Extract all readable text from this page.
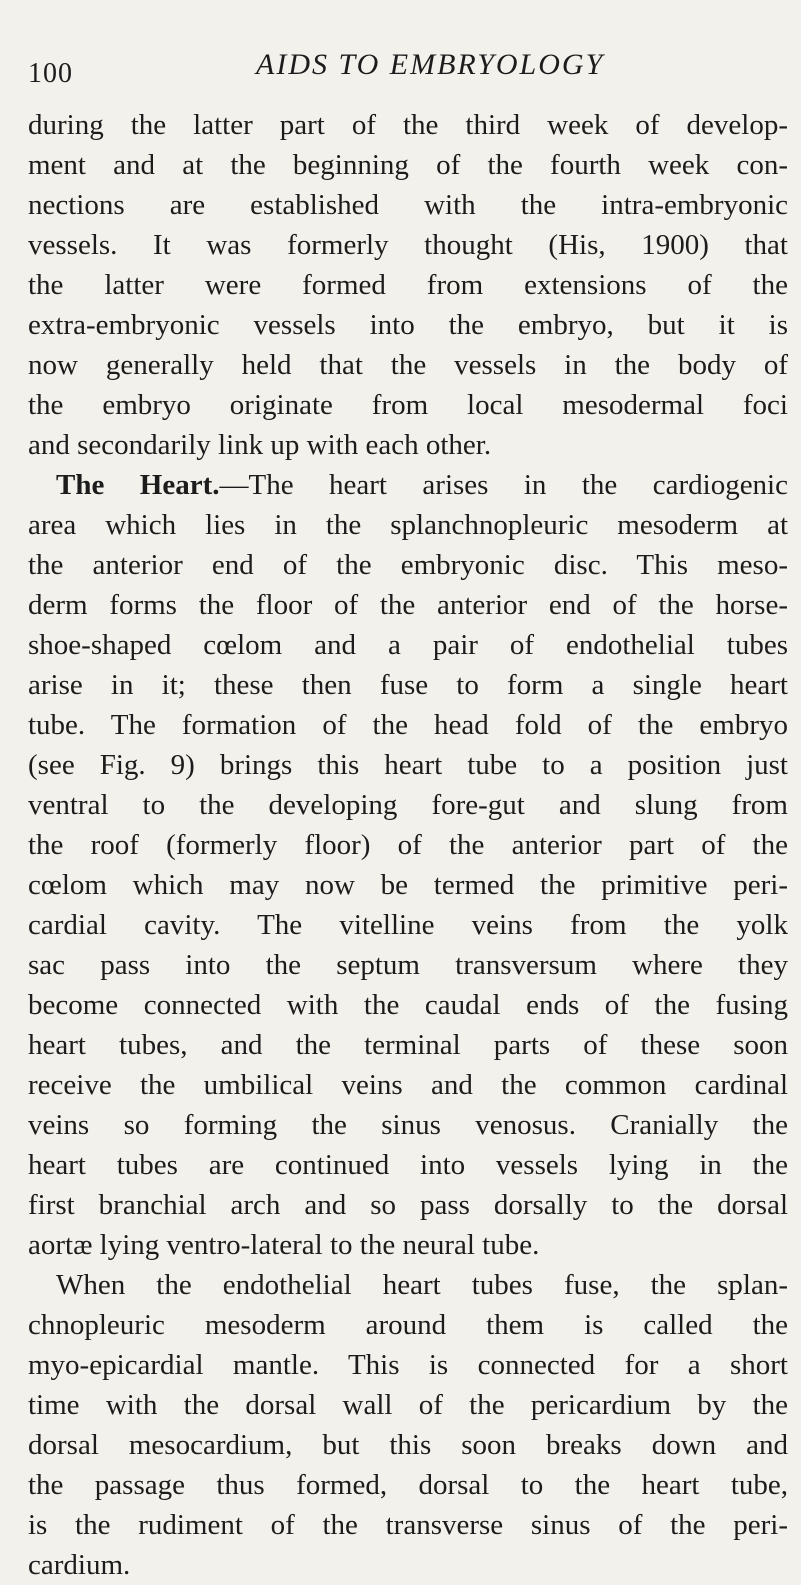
100	AIDS TO EMBRYOLOGY
during the latter part of the third week of develop-
ment and at the beginning of the fourth week con-
nections are established with the intra-embryonic
vessels. It was formerly thought (His, 1900) that
the latter were formed from extensions of the
extra-embryonic vessels into the embryo, but it is
now generally held that the vessels in the body of
the embryo originate from local mesodermal foci
and secondarily link up with each other.
The Heart.—The heart arises in the cardiogenic
area which lies in the splanchnopleuric mesoderm at
the anterior end of the embryonic disc. This meso-
derm forms the floor of the anterior end of the horse-
shoe-shaped cœlom and a pair of endothelial tubes
arise in it; these then fuse to form a single heart
tube. The formation of the head fold of the embryo
(see Fig. 9) brings this heart tube to a position just
ventral to the developing fore-gut and slung from
the roof (formerly floor) of the anterior part of the
cœlom which may now be termed the primitive peri-
cardial cavity. The vitelline veins from the yolk
sac pass into the septum transversum where they
become connected with the caudal ends of the fusing
heart tubes, and the terminal parts of these soon
receive the umbilical veins and the common cardinal
veins so forming the sinus venosus. Cranially the
heart tubes are continued into vessels lying in the
first branchial arch and so pass dorsally to the dorsal
aortæ lying ventro-lateral to the neural tube.
When the endothelial heart tubes fuse, the splan-
chnopleuric mesoderm around them is called the
myo-epicardial mantle. This is connected for a short
time with the dorsal wall of the pericardium by the
dorsal mesocardium, but this soon breaks down and
the passage thus formed, dorsal to the heart tube,
is the rudiment of the transverse sinus of the peri-
cardium.
